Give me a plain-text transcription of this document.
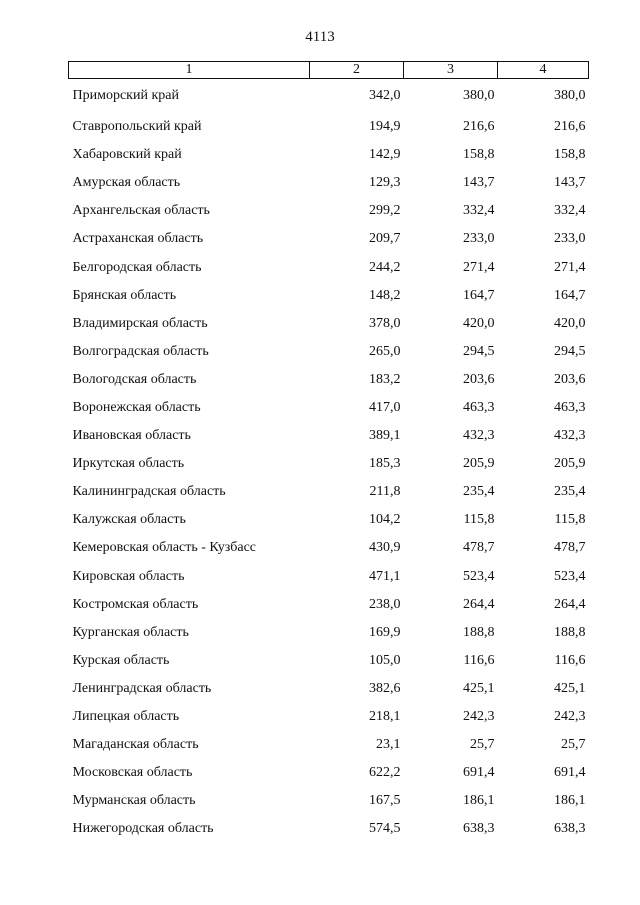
4113
1	2	3	4
Приморский край	342,0	380,0	380,0
Ставропольский край	194,9	216,6	216,6
Хабаровский край	142,9	158,8	158,8
Амурская область	129,3	143,7	143,7
Архангельская область	299,2	332,4	332,4
Астраханская область	209,7	233,0	233,0
Белгородская область	244,2	271,4	271,4
Брянская область	148,2	164,7	164,7
Владимирская область	378,0	420,0	420,0
Волгоградская область	265,0	294,5	294,5
Вологодская область	183,2	203,6	203,6
Воронежская область	417,0	463,3	463,3
Ивановская область	389,1	432,3	432,3
Иркутская область	185,3	205,9	205,9
Калининградская область	211,8	235,4	235,4
Калужская область	104,2	115,8	115,8
Кемеровская область - Кузбасс	430,9	478,7	478,7
Кировская область	471,1	523,4	523,4
Костромская область	238,0	264,4	264,4
Курганская область	169,9	188,8	188,8
Курская область	105,0	116,6	116,6
Ленинградская область	382,6	425,1	425,1
Липецкая область	218,1	242,3	242,3
Магаданская область	23,1	25,7	25,7
Московская область	622,2	691,4	691,4
Мурманская область	167,5	186,1	186,1
Нижегородская область	574,5	638,3	638,3
